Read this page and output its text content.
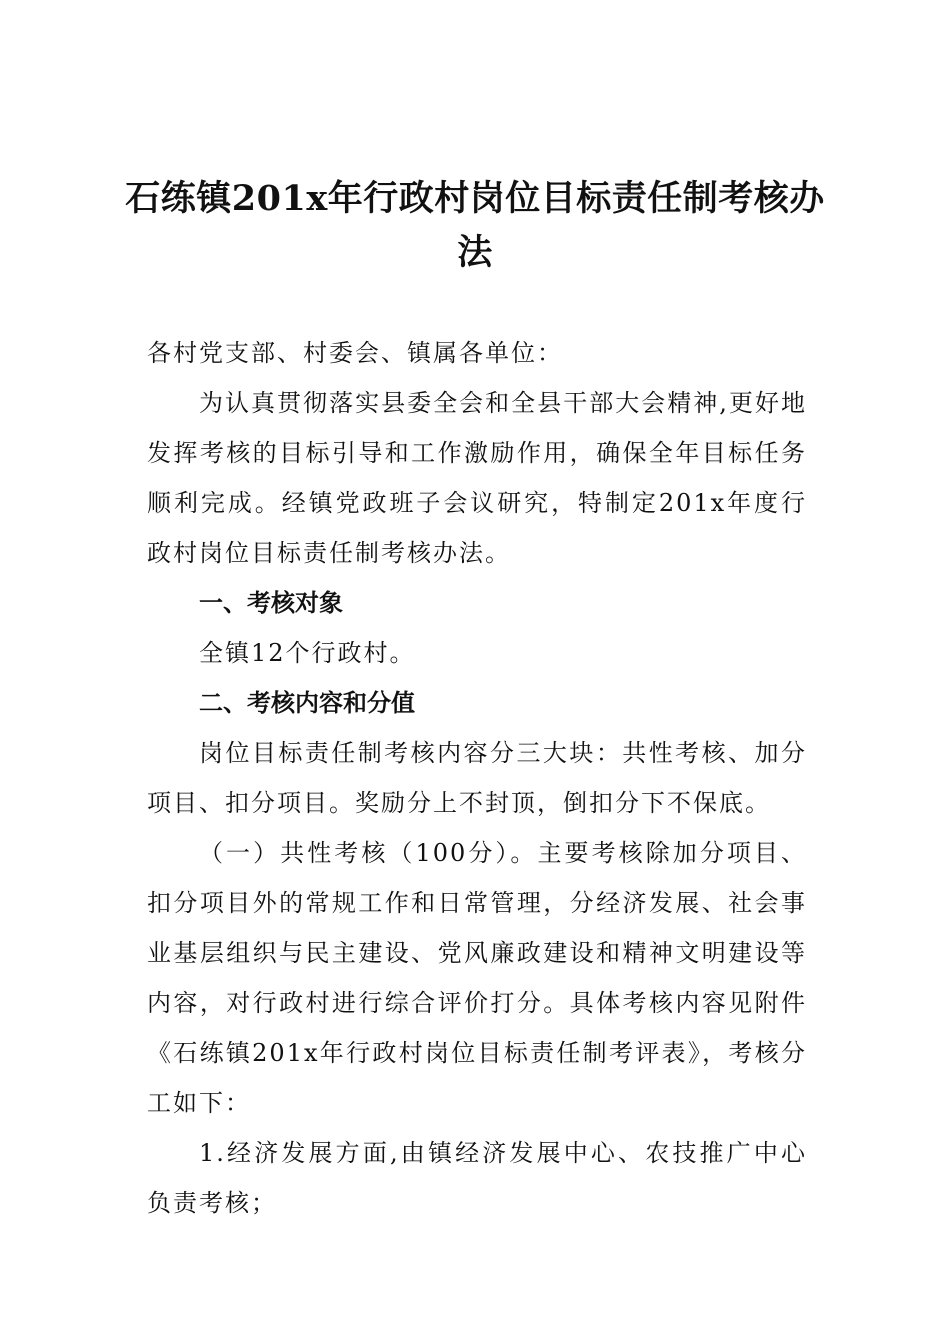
石练镇201x年行政村岗位目标责任制考核办法

各村党支部、村委会、镇属各单位：

为认真贯彻落实县委全会和全县干部大会精神,更好地发挥考核的目标引导和工作激励作用，确保全年目标任务顺利完成。经镇党政班子会议研究，特制定201x年度行政村岗位目标责任制考核办法。

一、考核对象

全镇12个行政村。

二、考核内容和分值

岗位目标责任制考核内容分三大块：共性考核、加分项目、扣分项目。奖励分上不封顶，倒扣分下不保底。

（一）共性考核（100分）。主要考核除加分项目、扣分项目外的常规工作和日常管理，分经济发展、社会事业基层组织与民主建设、党风廉政建设和精神文明建设等内容，对行政村进行综合评价打分。具体考核内容见附件《石练镇201x年行政村岗位目标责任制考评表》，考核分工如下：

1.经济发展方面,由镇经济发展中心、农技推广中心负责考核；
